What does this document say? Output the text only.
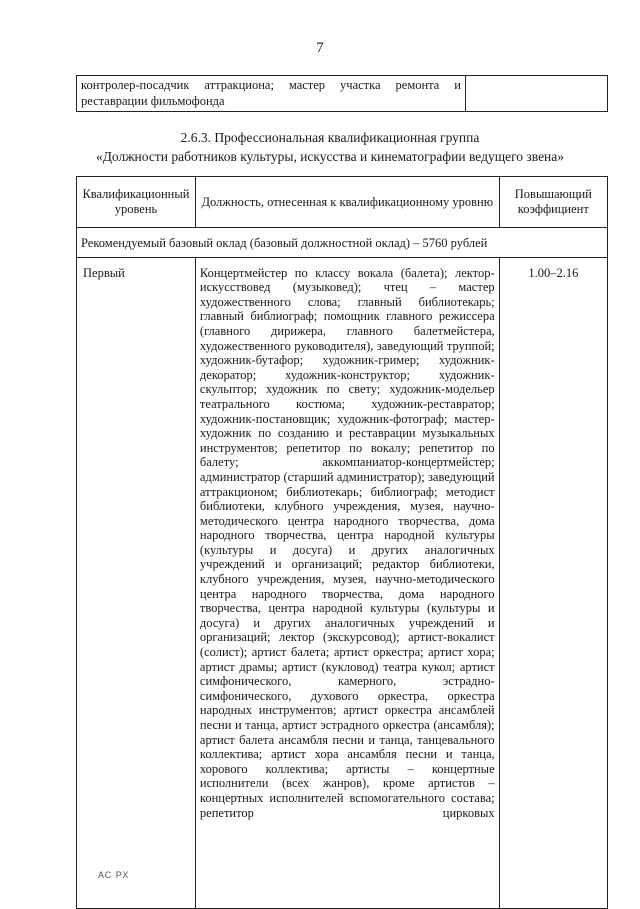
7
контролер-посадчик аттракциона; мастер участка ремонта и реставрации фильмофонда	
2.6.3. Профессиональная квалификационная группа
«Должности работников культуры, искусства и кинематографии ведущего звена»
Квалификационный уровень	Должность, отнесенная к квалификационному уровню	Повышающий коэффициент
Рекомендуемый базовый оклад (базовый должностной оклад) – 5760 рублей		
Первый	Концертмейстер по классу вокала (балета); лектор-искусствовед (музыковед); чтец – мастер художественного слова; главный библиотекарь; главный библиограф; помощник главного режиссера (главного дирижера, главного балетмейстера, художественного руководителя), заведующий труппой; художник-бутафор; художник-гример; художник-декоратор; художник-конструктор; художник-скульптор; художник по свету; художник-модельер театрального костюма; художник-реставратор; художник-постановщик; художник-фотограф; мастер-художник по созданию и реставрации музыкальных инструментов; репетитор по вокалу; репетитор по балету; аккомпаниатор-концертмейстер; администратор (старший администратор); заведующий аттракционом; библиотекарь; библиограф; методист библиотеки, клубного учреждения, музея, научно-методического центра народного творчества, дома народного творчества, центра народной культуры (культуры и досуга) и других аналогичных учреждений и организаций; редактор библиотеки, клубного учреждения, музея, научно-методического центра народного творчества, дома народного творчества, центра народной культуры (культуры и досуга) и других аналогичных учреждений и организаций; лектор (экскурсовод); артист-вокалист (солист); артист балета; артист оркестра; артист хора; артист драмы; артист (кукловод) театра кукол; артист симфонического, камерного, эстрадно-симфонического, духового оркестра, оркестра народных инструментов; артист оркестра ансамблей песни и танца, артист эстрадного оркестра (ансамбля); артист балета ансамбля песни и танца, танцевального коллектива; артист хора ансамбля песни и танца, хорового коллектива; артисты – концертные исполнители (всех жанров), кроме артистов – концертных исполнителей вспомогательного состава; репетитор цирковых	1.00–2.16
АС РХ
